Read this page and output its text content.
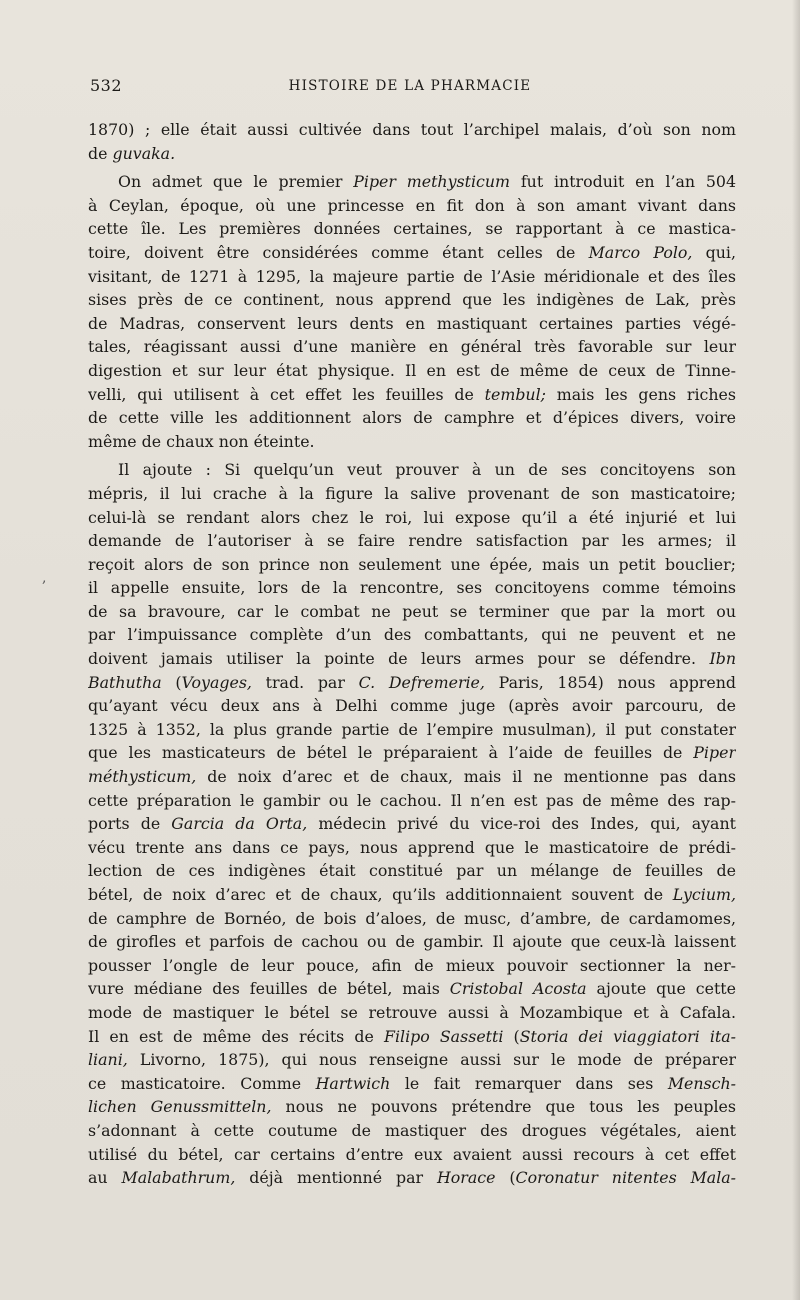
532	HISTOIRE DE LA PHARMACIE
,
1870) ; elle était aussi cultivée dans tout l’archipel malais, d’où son nom
de guvaka.
On admet que le premier Piper methysticum fut introduit en l’an 504
à Ceylan, époque, où une princesse en fit don à son amant vivant dans
cette île. Les premières données certaines, se rapportant à ce mastica-
toire, doivent être considérées comme étant celles de Marco Polo, qui,
visitant, de 1271 à 1295, la majeure partie de l’Asie méridionale et des îles
sises près de ce continent, nous apprend que les indigènes de Lak, près
de Madras, conservent leurs dents en mastiquant certaines parties végé-
tales, réagissant aussi d’une manière en général très favorable sur leur
digestion et sur leur état physique. Il en est de même de ceux de Tinne-
velli, qui utilisent à cet effet les feuilles de tembul; mais les gens riches
de cette ville les additionnent alors de camphre et d’épices divers, voire
même de chaux non éteinte.
Il ajoute : Si quelqu’un veut prouver à un de ses concitoyens son
mépris, il lui crache à la figure la salive provenant de son masticatoire;
celui-là se rendant alors chez le roi, lui expose qu’il a été injurié et lui
demande de l’autoriser à se faire rendre satisfaction par les armes; il
reçoit alors de son prince non seulement une épée, mais un petit bouclier;
il appelle ensuite, lors de la rencontre, ses concitoyens comme témoins
de sa bravoure, car le combat ne peut se terminer que par la mort ou
par l’impuissance complète d’un des combattants, qui ne peuvent et ne
doivent jamais utiliser la pointe de leurs armes pour se défendre. Ibn
Bathutha (Voyages, trad. par C. Defremerie, Paris, 1854) nous apprend
qu’ayant vécu deux ans à Delhi comme juge (après avoir parcouru, de
1325 à 1352, la plus grande partie de l’empire musulman), il put constater
que les masticateurs de bétel le préparaient à l’aide de feuilles de Piper
méthysticum, de noix d’arec et de chaux, mais il ne mentionne pas dans
cette préparation le gambir ou le cachou. Il n’en est pas de même des rap-
ports de Garcia da Orta, médecin privé du vice-roi des Indes, qui, ayant
vécu trente ans dans ce pays, nous apprend que le masticatoire de prédi-
lection de ces indigènes était constitué par un mélange de feuilles de
bétel, de noix d’arec et de chaux, qu’ils additionnaient souvent de Lycium,
de camphre de Bornéo, de bois d’aloes, de musc, d’ambre, de cardamomes,
de girofles et parfois de cachou ou de gambir. Il ajoute que ceux-là laissent
pousser l’ongle de leur pouce, afin de mieux pouvoir sectionner la ner-
vure médiane des feuilles de bétel, mais Cristobal Acosta ajoute que cette
mode de mastiquer le bétel se retrouve aussi à Mozambique et à Cafala.
Il en est de même des récits de Filipo Sassetti (Storia dei viaggiatori ita-
liani, Livorno, 1875), qui nous renseigne aussi sur le mode de préparer
ce masticatoire. Comme Hartwich le fait remarquer dans ses Mensch-
lichen Genussmitteln, nous ne pouvons prétendre que tous les peuples
s’adonnant à cette coutume de mastiquer des drogues végétales, aient
utilisé du bétel, car certains d’entre eux avaient aussi recours à cet effet
au Malabathrum, déjà mentionné par Horace (Coronatur nitentes Mala-
